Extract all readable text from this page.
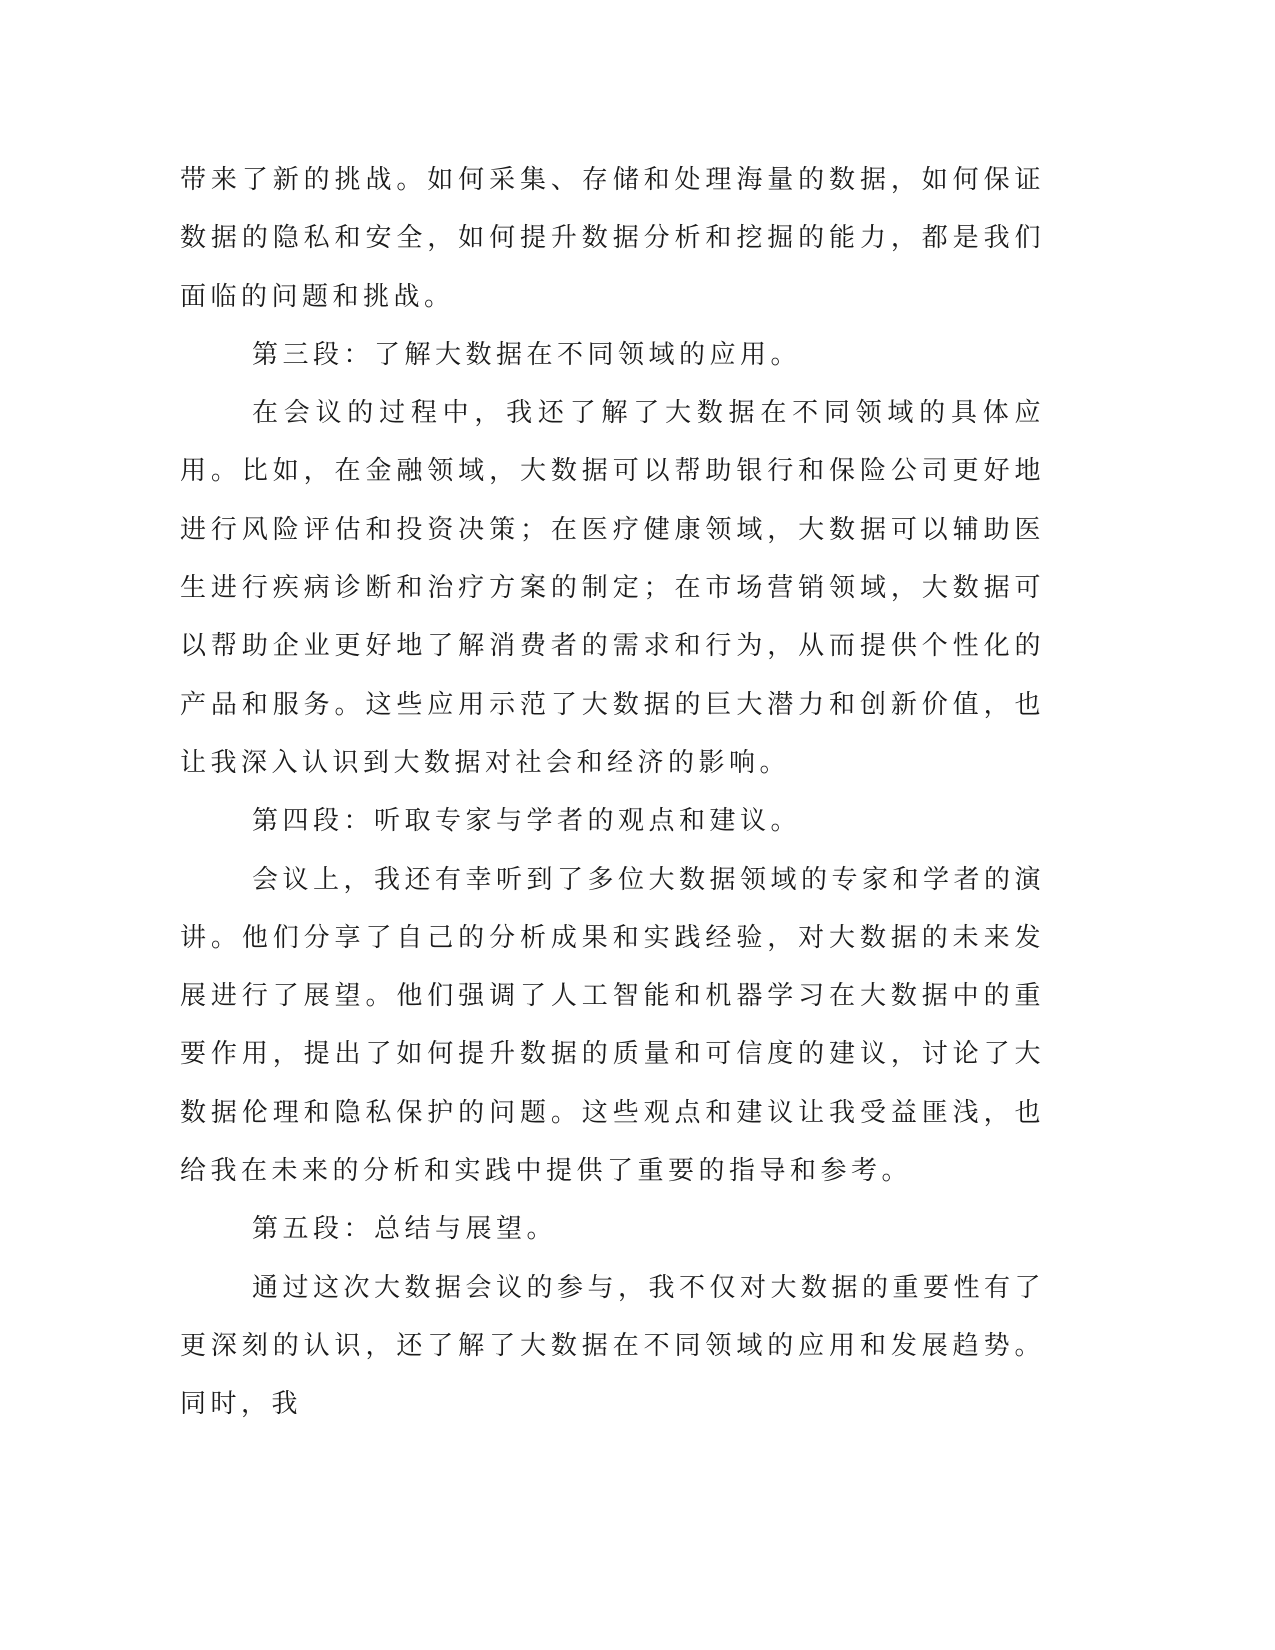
带来了新的挑战。如何采集、存储和处理海量的数据，如何保证数据的隐私和安全，如何提升数据分析和挖掘的能力，都是我们面临的问题和挑战。

第三段：了解大数据在不同领域的应用。

在会议的过程中，我还了解了大数据在不同领域的具体应用。比如，在金融领域，大数据可以帮助银行和保险公司更好地进行风险评估和投资决策；在医疗健康领域，大数据可以辅助医生进行疾病诊断和治疗方案的制定；在市场营销领域，大数据可以帮助企业更好地了解消费者的需求和行为，从而提供个性化的产品和服务。这些应用示范了大数据的巨大潜力和创新价值，也让我深入认识到大数据对社会和经济的影响。

第四段：听取专家与学者的观点和建议。

会议上，我还有幸听到了多位大数据领域的专家和学者的演讲。他们分享了自己的分析成果和实践经验，对大数据的未来发展进行了展望。他们强调了人工智能和机器学习在大数据中的重要作用，提出了如何提升数据的质量和可信度的建议，讨论了大数据伦理和隐私保护的问题。这些观点和建议让我受益匪浅，也给我在未来的分析和实践中提供了重要的指导和参考。

第五段：总结与展望。

通过这次大数据会议的参与，我不仅对大数据的重要性有了更深刻的认识，还了解了大数据在不同领域的应用和发展趋势。同时，我
